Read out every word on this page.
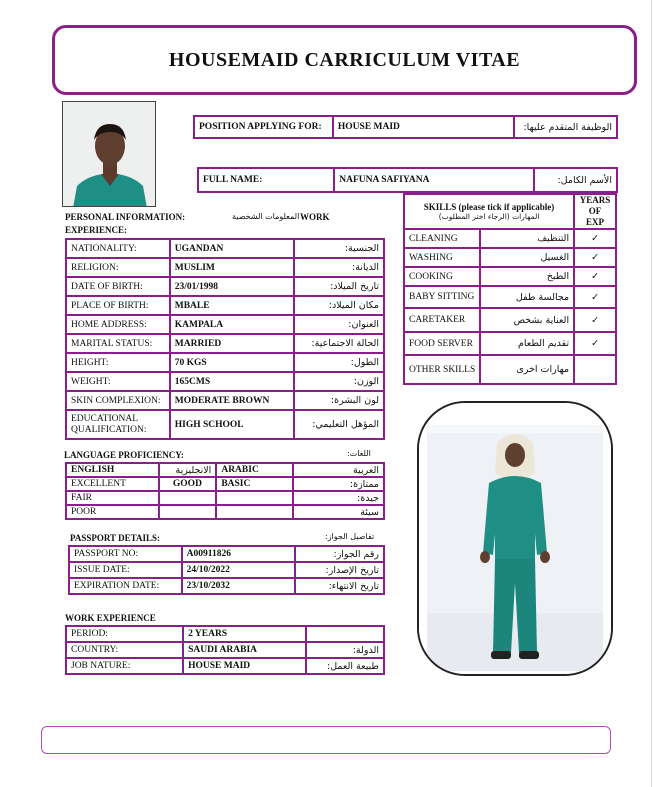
HOUSEMAID CARRICULUM VITAE
POSITION APPLYING FOR:	HOUSE MAID	الوظيفة المتقدم عليها:
FULL NAME:	NAFUNA SAFIYANA	الأسم الكامل:
PERSONAL INFORMATION:	المعلومات الشخصية WORK
EXPERIENCE:
NATIONALITY:	UGANDAN	الجنسية:
RELIGION:	MUSLIM	الديانة:
DATE OF BIRTH:	23/01/1998	تاريخ الميلاد:
PLACE OF BIRTH:	MBALE	مكان الميلاد:
HOME ADDRESS:	KAMPALA	العنوان:
MARITAL STATUS:	MARRIED	الحالة الاجتماعية:
HEIGHT:	70 KGS	الطول:
WEIGHT:	165CMS	الوزن:
SKIN COMPLEXION:	MODERATE BROWN	لون البشرة:
EDUCATIONAL QUALIFICATION:	HIGH SCHOOL	المؤهل التعليمي:
SKILLS (please tick if applicable)
المهارات (الرجاء اختر المطلوب)		YEARS OF EXP
CLEANING	التنظيف	✓
WASHING	الغسيل	✓
COOKING	الطبخ	✓
BABY SITTING	مجالسة طفل	✓
CARETAKER	العناية بشخص	✓
FOOD SERVER	تقديم الطعام	✓
OTHER SKILLS	مهارات اخرى	
LANGUAGE PROFICIENCY:	اللغات:
ENGLISH	الانجليزية	ARABIC	العربية
EXCELLENT	GOOD	BASIC	ممتازة:
FAIR			جيدة:
POOR			سيئة
PASSPORT DETAILS:	تفاصيل الجواز:
PASSPORT NO:	A00911826	رقم الجواز:
ISSUE DATE:	24/10/2022	تاريخ الإصدار:
EXPIRATION DATE:	23/10/2032	تاريخ الانتهاء:
WORK EXPERIENCE
PERIOD:	2 YEARS	
COUNTRY:	SAUDI ARABIA	الدولة:
JOB NATURE:	HOUSE MAID	طبيعة العمل:
